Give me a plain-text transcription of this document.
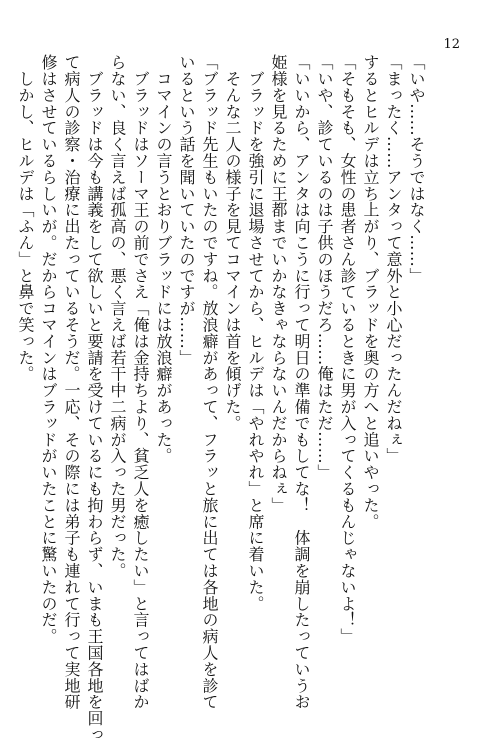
12
「いや……そうではなく……」
「まったく……アンタって意外と小心だったんだねぇ」
するとヒルデは立ち上がり、ブラッドを奥の方へと追いやった。
「そもそも、女性の患者さん診ているときに男が入ってくるもんじゃないよ！」
「いや、診ているのは子供のほうだろ……俺はただ……」
「いいから、アンタは向こうに行って明日の準備でもしてな！　体調を崩したっていうお
姫様を見るために王都までいかなきゃならないんだからねぇ」
　ブラッドを強引に退場させてから、ヒルデは「やれやれ」と席に着いた。
　そんな二人の様子を見てコマインは首を傾げた。
「ブラッド先生もいたのですね。放浪癖があって、フラッと旅に出ては各地の病人を診て
いるという話を聞いていたのですが……」
　コマインの言うとおりブラッドには放浪癖があった。
　ブラッドはソーマ王の前でさえ「俺は金持ちより、貧乏人を癒したい」と言ってはばか
らない、良く言えば孤高の、悪く言えば若干中二病が入った男だった。
　ブラッドは今も講義をして欲しいと要請を受けているにも拘わらず、いまも王国各地を回っ
て病人の診察・治療に出たっているそうだ。一応、その際には弟子も連れて行って実地研
修はさせているらしいが。だからコマインはブラッドがいたことに驚いたのだ。
　しかし、ヒルデは「ふん」と鼻で笑った。
